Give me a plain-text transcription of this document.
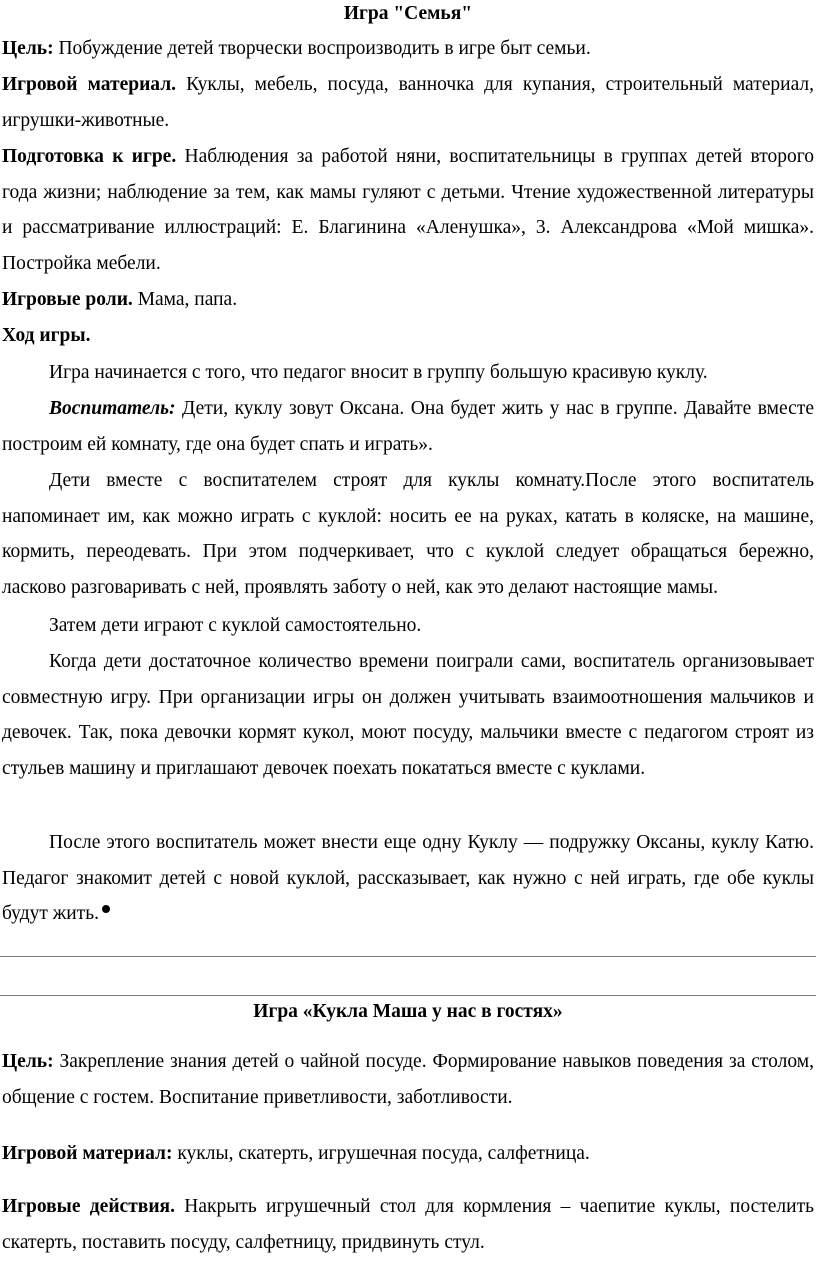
Игра "Семья"
Цель: Побуждение детей творчески воспроизводить в игре быт семьи.
Игровой материал. Куклы, мебель, посуда, ванночка для купания, строительный материал, игрушки-животные.
Подготовка к игре. Наблюдения за работой няни, воспитательницы в группах детей второго года жизни; наблюдение за тем, как мамы гуляют с детьми. Чтение художественной литературы и рассматривание иллюстраций: Е. Благинина «Аленушка», 3. Александрова «Мой мишка». Постройка мебели.
Игровые роли. Мама, папа.
Ход игры.
Игра начинается с того, что педагог вносит в группу большую красивую куклу.
Воспитатель: Дети, куклу зовут Оксана. Она будет жить у нас в группе. Давайте вместе построим ей комнату, где она будет спать и играть».
Дети вместе с воспитателем строят для куклы комнату.После этого воспитатель напоминает им, как можно играть с куклой: носить ее на руках, катать в коляске, на машине, кормить, переодевать. При этом подчеркивает, что с куклой следует обращаться бережно, ласково разговаривать с ней, проявлять заботу о ней, как это делают настоящие мамы.
Затем дети играют с куклой самостоятельно.
Когда дети достаточное количество времени поиграли сами, воспитатель организовывает совместную игру. При организации игры он должен учитывать взаимоотношения мальчиков и девочек. Так, пока девочки кормят кукол, моют посуду, мальчики вместе с педагогом строят из стульев машину и приглашают девочек поехать покататься вместе с куклами.
После этого воспитатель может внести еще одну Куклу — подружку Оксаны, куклу Катю. Педагог знакомит детей с новой куклой, рассказывает, как нужно с ней играть, где обе куклы будут жить.
Игра «Кукла Маша у нас в гостях»
Цель: Закрепление знания детей о чайной посуде. Формирование навыков поведения за столом, общение с гостем. Воспитание приветливости, заботливости.
Игровой материал: куклы, скатерть, игрушечная посуда, салфетница.
Игровые действия. Накрыть игрушечный стол для кормления – чаепитие куклы, постелить скатерть, поставить посуду, салфетницу, придвинуть стул.
